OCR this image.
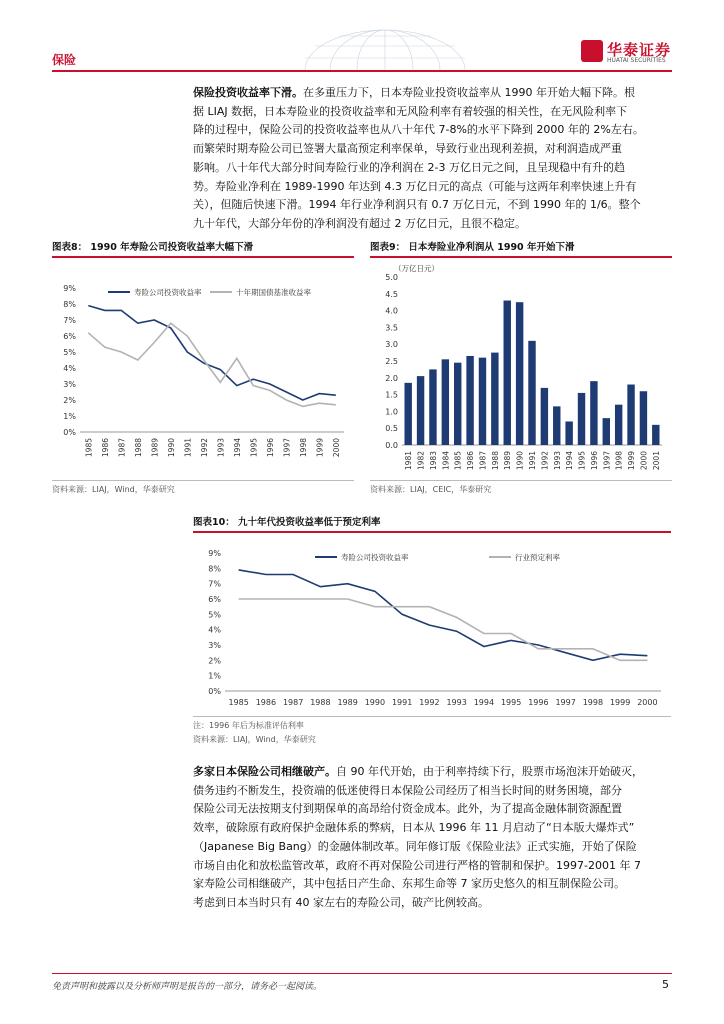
保险
华泰证券
HUATAI SECURITIES

保险投资收益率下滑。在多重压力下，日本寿险业投资收益率从 1990 年开始大幅下降。根

据 LIAJ 数据，日本寿险业的投资收益率和无风险利率有着较强的相关性，在无风险利率下

降的过程中，保险公司的投资收益率也从八十年代 7-8%的水平下降到 2000 年的 2%左右。

而繁荣时期寿险公司已签署大量高预定利率保单，导致行业出现利差损，对利润造成严重

影响。八十年代大部分时间寿险行业的净利润在 2-3 万亿日元之间，且呈现稳中有升的趋

势。寿险业净利在 1989-1990 年达到 4.3 万亿日元的高点（可能与这两年利率快速上升有

关），但随后快速下滑。1994 年行业净利润只有 0.7 万亿日元，不到 1990 年的 1/6。整个

九十年代，大部分年份的净利润没有超过 2 万亿日元，且很不稳定。

图表8： 1990 年寿险公司投资收益率大幅下滑
0%
1%
2%
3%
4%
5%
6%
7%
8%
9%
1985 1986 1987 1988 1989 1990 1991 1992 1993 1994 1995 1996 1997 1998 1999 2000
寿险公司投资收益率	十年期国债基准收益率
资料来源：LIAJ，Wind，华泰研究
图表9： 日本寿险业净利润从 1990 年开始下滑
（万亿日元）
0.0
0.5
1.0
1.5
2.0
2.5
3.0
3.5
4.0
4.5
5.0
1981 1982 1983 1984 1985 1986 1987 1988 1989 1990 1991 1992 1993 1994 1995 1996 1997 1998 1999 2000 2001
资料来源：LIAJ，CEIC，华泰研究
图表10： 九十年代投资收益率低于预定利率
0%
1%
2%
3%
4%
5%
6%
7%
8%
9%
1985 1986 1987 1988 1989 1990 1991 1992 1993 1994 1995 1996 1997 1998 1999 2000
寿险公司投资收益率	行业预定利率
注：1996 年后为标准评估利率
资料来源：LIAJ，Wind，华泰研究

多家日本保险公司相继破产。自 90 年代开始，由于利率持续下行，股票市场泡沫开始破灭，

债务违约不断发生，投资端的低迷使得日本保险公司经历了相当长时间的财务困境，部分

保险公司无法按期支付到期保单的高昂给付资金成本。此外，为了提高金融体制资源配置

效率，破除原有政府保护金融体系的弊病，日本从 1996 年 11 月启动了“日本版大爆炸式”

（Japanese Big Bang）的金融体制改革。同年修订版《保险业法》正式实施，开始了保险

市场自由化和放松监管改革，政府不再对保险公司进行严格的管制和保护。1997-2001 年 7

家寿险公司相继破产，其中包括日产生命、东邦生命等 7 家历史悠久的相互制保险公司。

考虑到日本当时只有 40 家左右的寿险公司，破产比例较高。

免责声明和披露以及分析师声明是报告的一部分，请务必一起阅读。	5
